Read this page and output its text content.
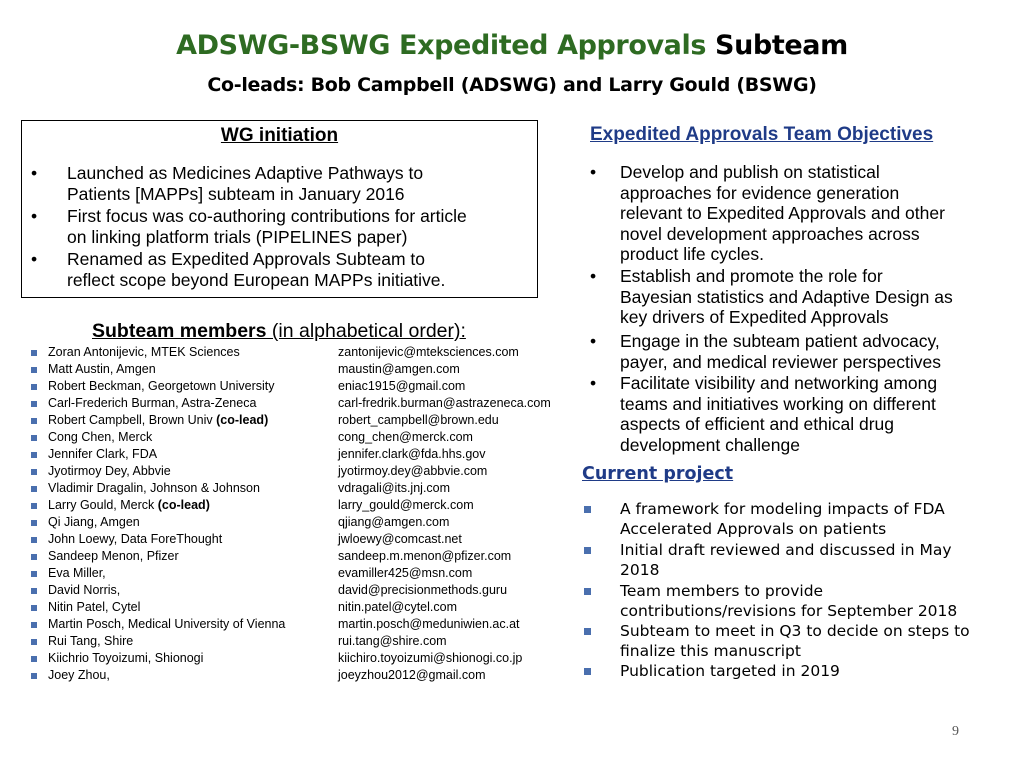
ADSWG-BSWG Expedited Approvals Subteam
Co-leads: Bob Campbell (ADSWG) and Larry Gould (BSWG)
WG initiation
• Launched as Medicines Adaptive Pathways to
Patients [MAPPs] subteam in January 2016
• First focus was co-authoring contributions for article
on linking platform trials (PIPELINES paper)
• Renamed as Expedited Approvals Subteam to
reflect scope beyond European MAPPs initiative.
Subteam members (in alphabetical order):
Zoran Antonijevic, MTEK Sciences	zantonijevic@mteksciences.com
Matt Austin, Amgen	maustin@amgen.com
Robert Beckman, Georgetown University	eniac1915@gmail.com
Carl-Frederich Burman, Astra-Zeneca	carl-fredrik.burman@astrazeneca.com
Robert Campbell, Brown Univ (co-lead)	robert_campbell@brown.edu
Cong Chen, Merck	cong_chen@merck.com
Jennifer Clark, FDA	jennifer.clark@fda.hhs.gov
Jyotirmoy Dey, Abbvie	jyotirmoy.dey@abbvie.com
Vladimir Dragalin, Johnson & Johnson	vdragali@its.jnj.com
Larry Gould, Merck (co-lead)	larry_gould@merck.com
Qi Jiang, Amgen	qjiang@amgen.com
John Loewy, Data ForeThought	jwloewy@comcast.net
Sandeep Menon, Pfizer	sandeep.m.menon@pfizer.com
Eva Miller,	evamiller425@msn.com
David Norris,	david@precisionmethods.guru
Nitin Patel, Cytel	nitin.patel@cytel.com
Martin Posch, Medical University of Vienna	martin.posch@meduniwien.ac.at
Rui Tang, Shire	rui.tang@shire.com
Kiichrio Toyoizumi, Shionogi	kiichiro.toyoizumi@shionogi.co.jp
Joey Zhou,	joeyzhou2012@gmail.com
Expedited Approvals Team Objectives
• Develop and publish on statistical
approaches for evidence generation
relevant to Expedited Approvals and other
novel development approaches across
product life cycles.
• Establish and promote the role for
Bayesian statistics and Adaptive Design as
key drivers of Expedited Approvals
• Engage in the subteam patient advocacy,
payer, and medical reviewer perspectives
• Facilitate visibility and networking among
teams and initiatives working on different
aspects of efficient and ethical drug
development challenge
Current project
A framework for modeling impacts of FDA
Accelerated Approvals on patients
Initial draft reviewed and discussed in May
2018
Team members to provide
contributions/revisions for September 2018
Subteam to meet in Q3 to decide on steps to
finalize this manuscript
Publication targeted in 2019
9
